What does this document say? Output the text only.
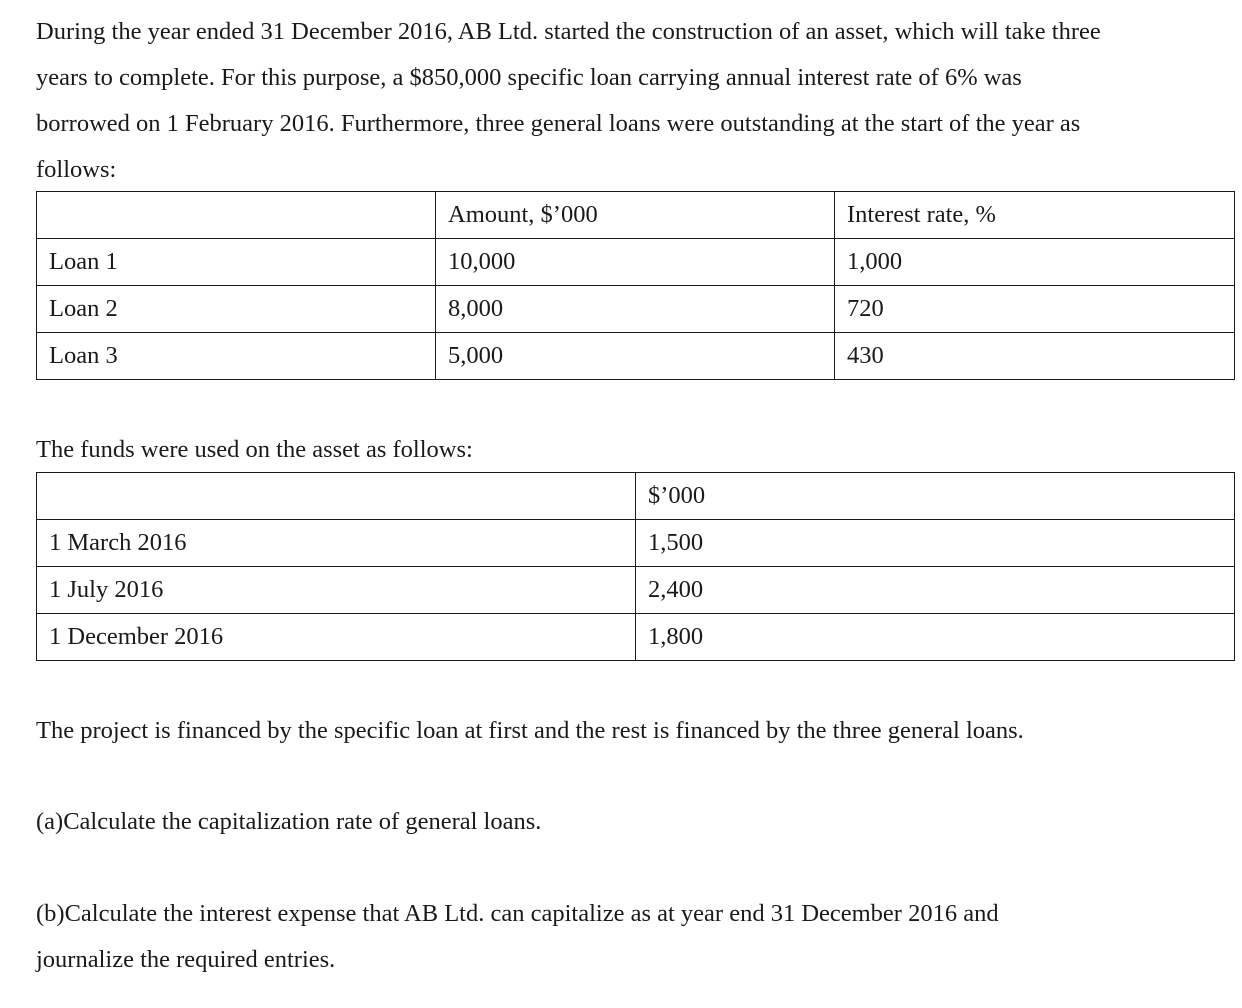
During the year ended 31 December 2016, AB Ltd. started the construction of an asset, which will take three
years to complete. For this purpose, a $850,000 specific loan carrying annual interest rate of 6% was
borrowed on 1 February 2016. Furthermore, three general loans were outstanding at the start of the year as
follows:

	Amount, $’000	Interest rate, %
Loan 1	10,000	1,000
Loan 2	8,000	720
Loan 3	5,000	430

The funds were used on the asset as follows:

	$’000
1 March 2016	1,500
1 July 2016	2,400
1 December 2016	1,800

The project is financed by the specific loan at first and the rest is financed by the three general loans.

(a)Calculate the capitalization rate of general loans.

(b)Calculate the interest expense that AB Ltd. can capitalize as at year end 31 December 2016 and
journalize the required entries.
